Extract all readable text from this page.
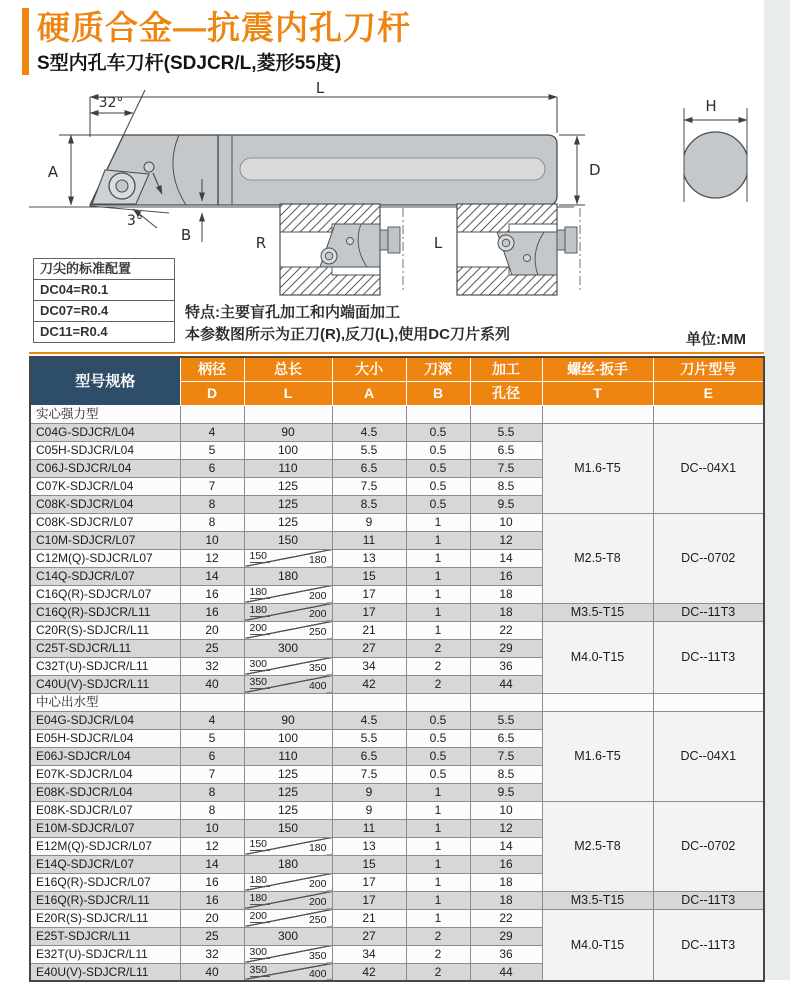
硬质合金—抗震内孔刀杆
S型内孔车刀杆(SDJCR/L,菱形55度)
L
32°
A
3°
B
D
H
R	L
刀尖的标准配置
DC04=R0.1
DC07=R0.4
DC11=R0.4
特点:主要盲孔加工和内端面加工
本参数图所示为正刀(R),反刀(L),使用DC刀片系列	单位:MM
型号规格	柄径	总长	大小	刀深	加工	螺丝-扳手	刀片型号
	D	L	A	B	孔径	T	E
实心强力型							
C04G-SDJCR/L04	4	90	4.5	0.5	5.5	M1.6-T5	DC--04X1
C05H-SDJCR/L04	5	100	5.5	0.5	6.5		
C06J-SDJCR/L04	6	110	6.5	0.5	7.5		
C07K-SDJCR/L04	7	125	7.5	0.5	8.5		
C08K-SDJCR/L04	8	125	8.5	0.5	9.5		
C08K-SDJCR/L07	8	125	9	1	10	M2.5-T8	DC--0702
C10M-SDJCR/L07	10	150	11	1	12		
C12M(Q)-SDJCR/L07	12	150 180	13	1	14		
C14Q-SDJCR/L07	14	180	15	1	16		
C16Q(R)-SDJCR/L07	16	180 200	17	1	18		
C16Q(R)-SDJCR/L11	16	180 200	17	1	18	M3.5-T15	DC--11T3
C20R(S)-SDJCR/L11	20	200 250	21	1	22	M4.0-T15	DC--11T3
C25T-SDJCR/L11	25	300	27	2	29		
C32T(U)-SDJCR/L11	32	300 350	34	2	36		
C40U(V)-SDJCR/L11	40	350 400	42	2	44		
中心出水型							
E04G-SDJCR/L04	4	90	4.5	0.5	5.5	M1.6-T5	DC--04X1
E05H-SDJCR/L04	5	100	5.5	0.5	6.5		
E06J-SDJCR/L04	6	110	6.5	0.5	7.5		
E07K-SDJCR/L04	7	125	7.5	0.5	8.5		
E08K-SDJCR/L04	8	125	9	1	9.5		
E08K-SDJCR/L07	8	125	9	1	10	M2.5-T8	DC--0702
E10M-SDJCR/L07	10	150	11	1	12		
E12M(Q)-SDJCR/L07	12	150 180	13	1	14		
E14Q-SDJCR/L07	14	180	15	1	16		
E16Q(R)-SDJCR/L07	16	180 200	17	1	18		
E16Q(R)-SDJCR/L11	16	180 200	17	1	18	M3.5-T15	DC--11T3
E20R(S)-SDJCR/L11	20	200 250	21	1	22	M4.0-T15	DC--11T3
E25T-SDJCR/L11	25	300	27	2	29		
E32T(U)-SDJCR/L11	32	300 350	34	2	36		
E40U(V)-SDJCR/L11	40	350 400	42	2	44		
